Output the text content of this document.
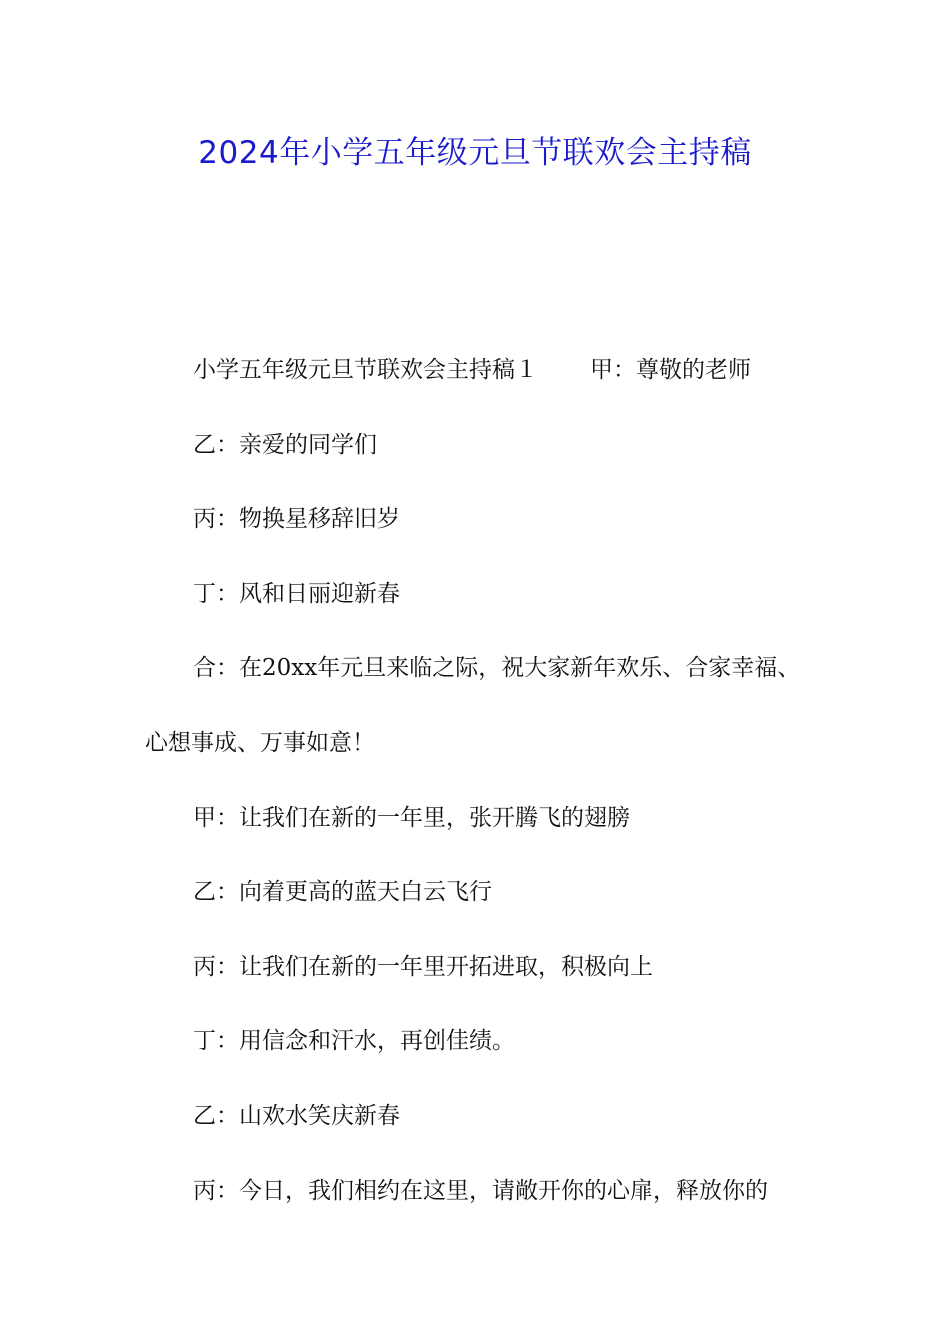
2024年小学五年级元旦节联欢会主持稿

小学五年级元旦节联欢会主持稿１ 甲：尊敬的老师

乙：亲爱的同学们

丙：物换星移辞旧岁

丁：风和日丽迎新春

合：在20xx年元旦来临之际，祝大家新年欢乐、合家幸福、

心想事成、万事如意！

甲：让我们在新的一年里，张开腾飞的翅膀

乙：向着更高的蓝天白云飞行

丙：让我们在新的一年里开拓进取，积极向上

丁：用信念和汗水，再创佳绩。

乙：山欢水笑庆新春

丙：今日，我们相约在这里，请敞开你的心扉，释放你的
